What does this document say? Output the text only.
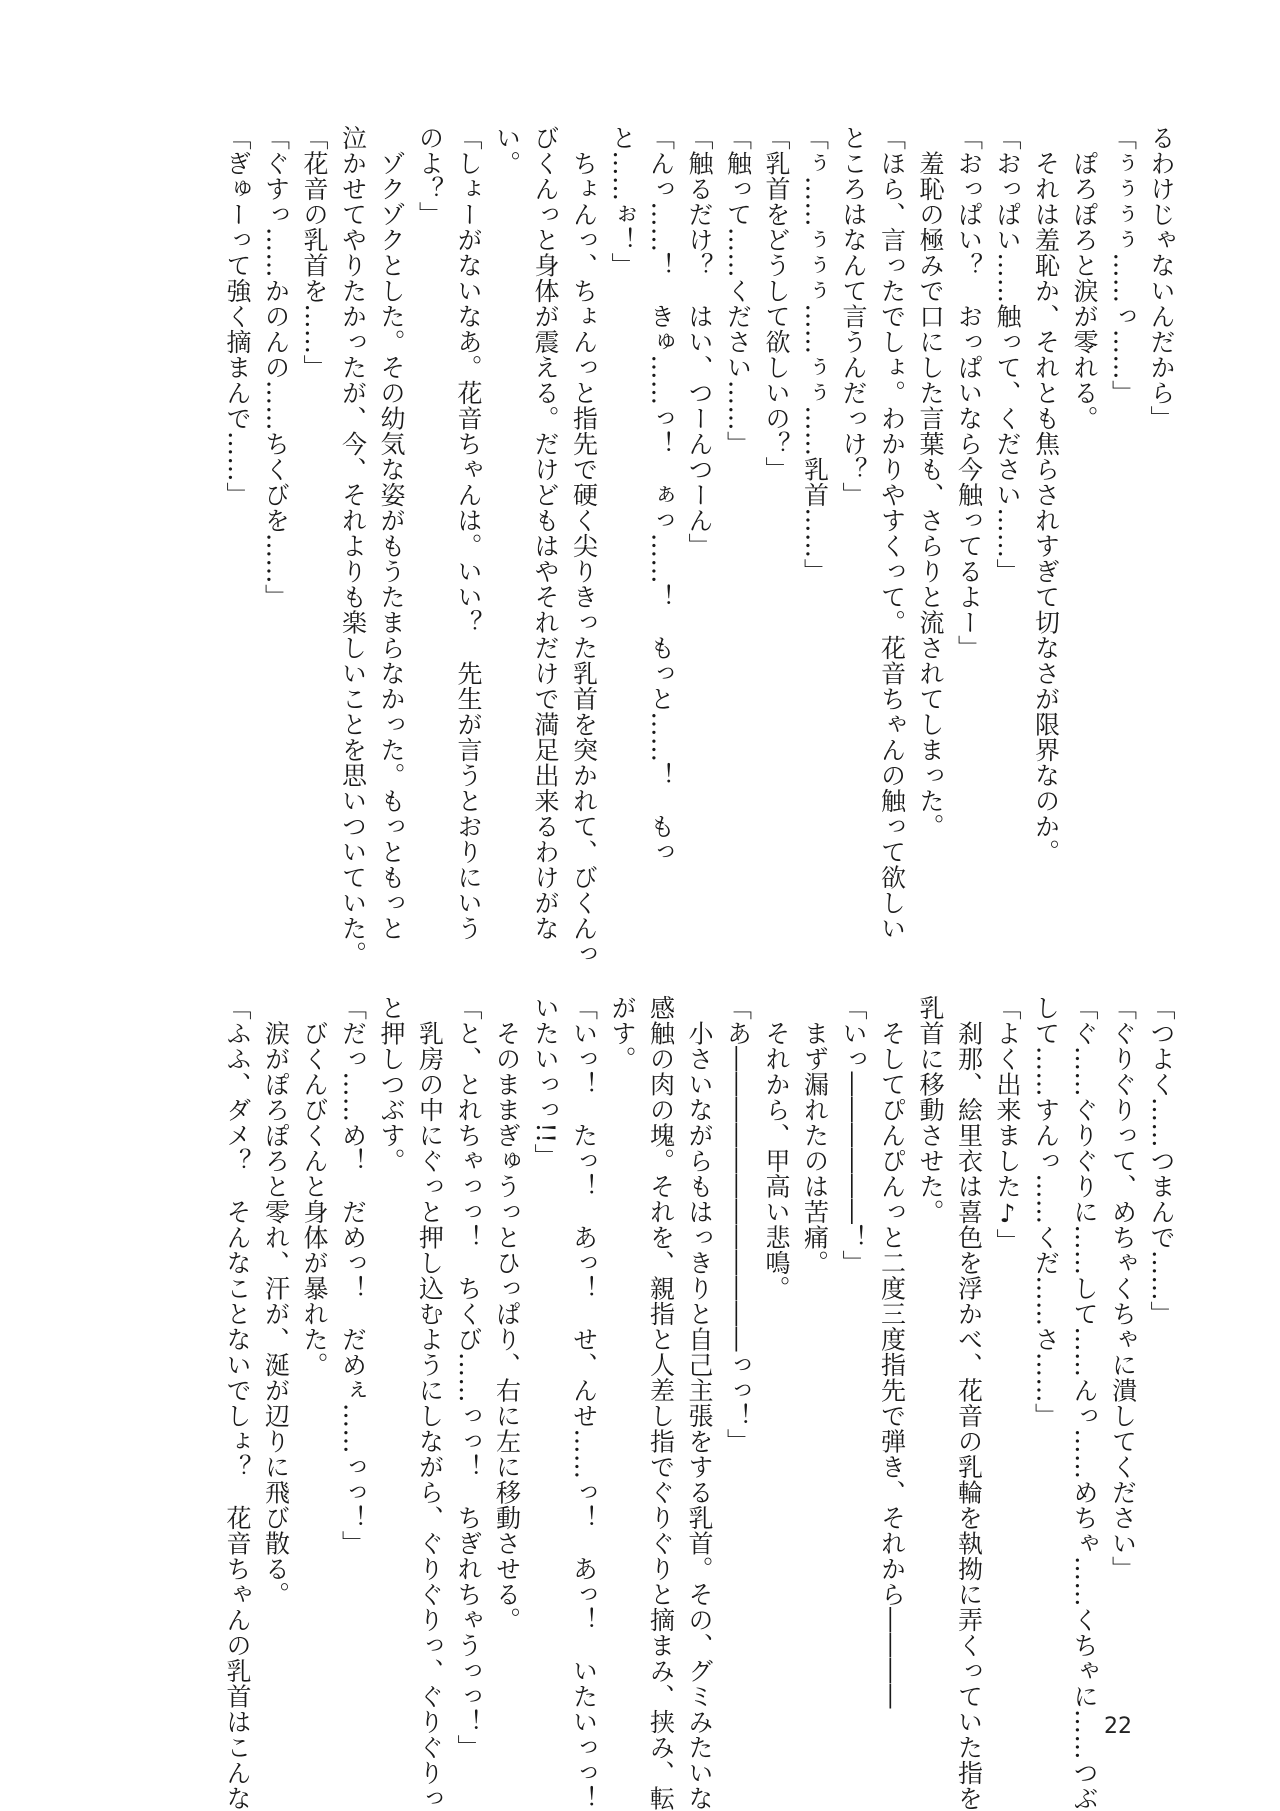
るわけじゃないんだから」
「ぅぅぅぅ……っ……」
　ぽろぽろと涙が零れる。
　それは羞恥か、それとも焦らされすぎて切なさが限界なのか。
「おっぱい……触って、ください……」
「おっぱい？　おっぱいなら今触ってるよー」
　羞恥の極みで口にした言葉も、さらりと流されてしまった。
「ほら、言ったでしょ。わかりやすくって。花音ちゃんの触って欲しい
ところはなんて言うんだっけ？」
「ぅ……ぅぅぅ……ぅぅ……乳首……」
「乳首をどうして欲しいの？」
「触って……ください……」
「触るだけ？　はい、つーんつーん」
「んっ……！　きゅ……っ！　ぁっ……！　もっと……！　もっ
と……ぉ！」
　ちょんっ、ちょんっと指先で硬く尖りきった乳首を突かれて、びくんっ
びくんっと身体が震える。だけどもはやそれだけで満足出来るわけがな
い。
「しょーがないなあ。花音ちゃんは。いい？　先生が言うとおりにいう
のよ？」
　ゾクゾクとした。その幼気な姿がもうたまらなかった。もっともっと
泣かせてやりたかったが、今、それよりも楽しいことを思いついていた。
「花音の乳首を……」
「ぐすっ……かのんの……ちくびを……」
「ぎゅーって強く摘まんで……」
「つよく……つまんで……」
「ぐりぐりって、めちゃくちゃに潰してください」
「ぐ……ぐりぐりに……して……んっ……めちゃ……くちゃに……つぶ
して……すんっ……くだ……さ……」
「よく出来ました♪」
　刹那、絵里衣は喜色を浮かべ、花音の乳輪を執拗に弄くっていた指を
乳首に移動させた。
　そしてぴんぴんっと二度三度指先で弾き、それから――――
「いっ――――――！」
　まず漏れたのは苦痛。
　それから、甲高い悲鳴。
「あ――――――――――――っっ！」
　小さいながらもはっきりと自己主張をする乳首。その、グミみたいな
感触の肉の塊。それを、親指と人差し指でぐりぐりと摘まみ、挟み、転
がす。
「いっ！　たっ！　あっ！　せ、んせ……っ！　あっ！　いたいっっ！
いたいっっ!!」
　そのままぎゅうっとひっぱり、右に左に移動させる。
「と、とれちゃっっ！　ちくび……っっ！　ちぎれちゃうっっ！」
　乳房の中にぐっと押し込むようにしながら、ぐりぐりっ、ぐりぐりっ
と押しつぶす。
「だっ……め！　だめっ！　だめぇ……っっ！」
　びくんびくんと身体が暴れた。
　涙がぽろぽろと零れ、汗が、涎が辺りに飛び散る。
「ふふ、ダメ？　そんなことないでしょ？　花音ちゃんの乳首はこんな	22
